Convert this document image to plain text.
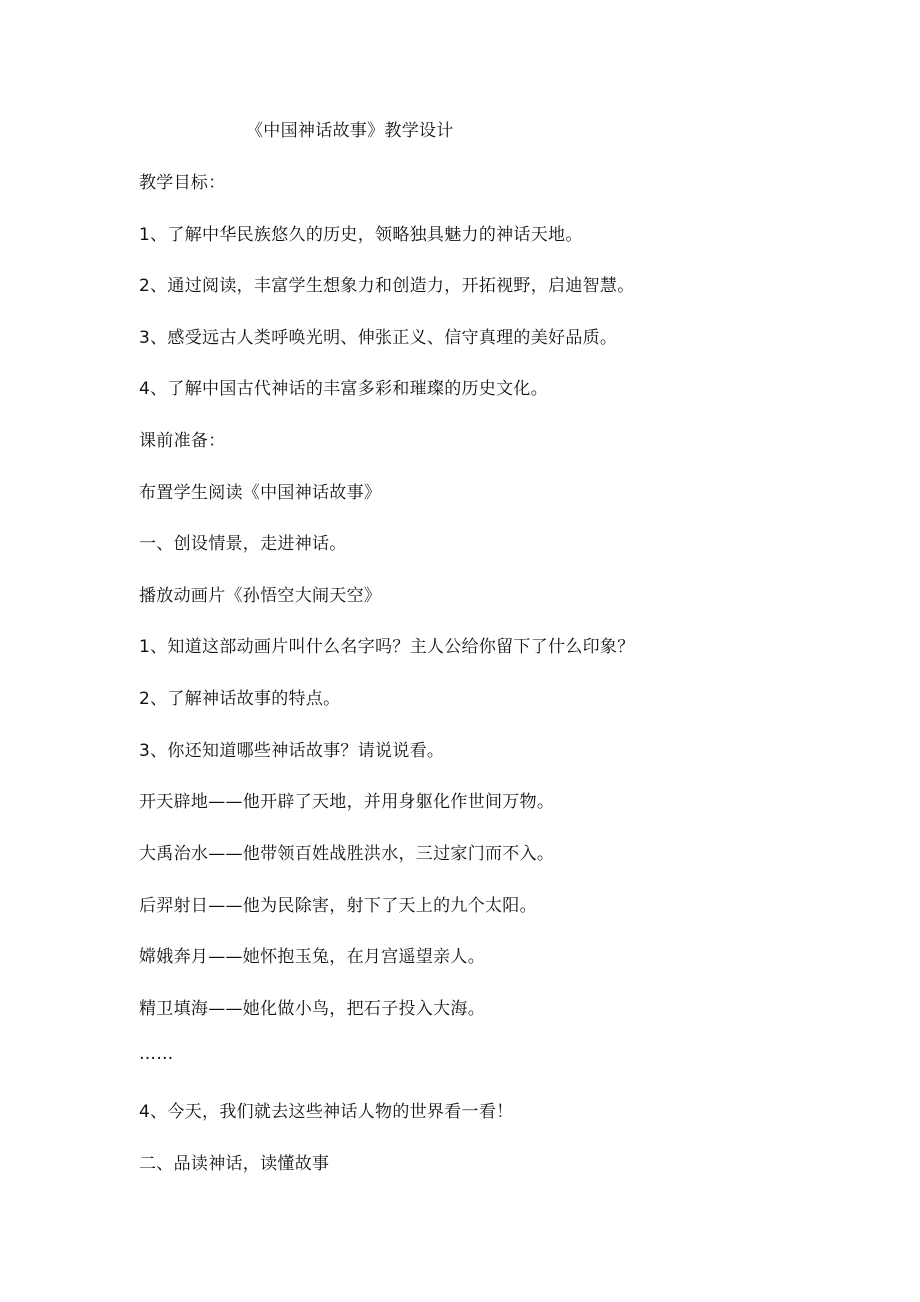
《中国神话故事》教学设计
教学目标：
1、了解中华民族悠久的历史，领略独具魅力的神话天地。
2、通过阅读，丰富学生想象力和创造力，开拓视野，启迪智慧。
3、感受远古人类呼唤光明、伸张正义、信守真理的美好品质。
4、了解中国古代神话的丰富多彩和璀璨的历史文化。
课前准备：
布置学生阅读《中国神话故事》
一、创设情景，走进神话。
播放动画片《孙悟空大闹天空》
1、知道这部动画片叫什么名字吗？主人公给你留下了什么印象？
2、了解神话故事的特点。
3、你还知道哪些神话故事？请说说看。
开天辟地——他开辟了天地，并用身躯化作世间万物。
大禹治水——他带领百姓战胜洪水，三过家门而不入。
后羿射日——他为民除害，射下了天上的九个太阳。
嫦娥奔月——她怀抱玉兔，在月宫遥望亲人。
精卫填海——她化做小鸟，把石子投入大海。
……
4、今天，我们就去这些神话人物的世界看一看！
二、品读神话，读懂故事
